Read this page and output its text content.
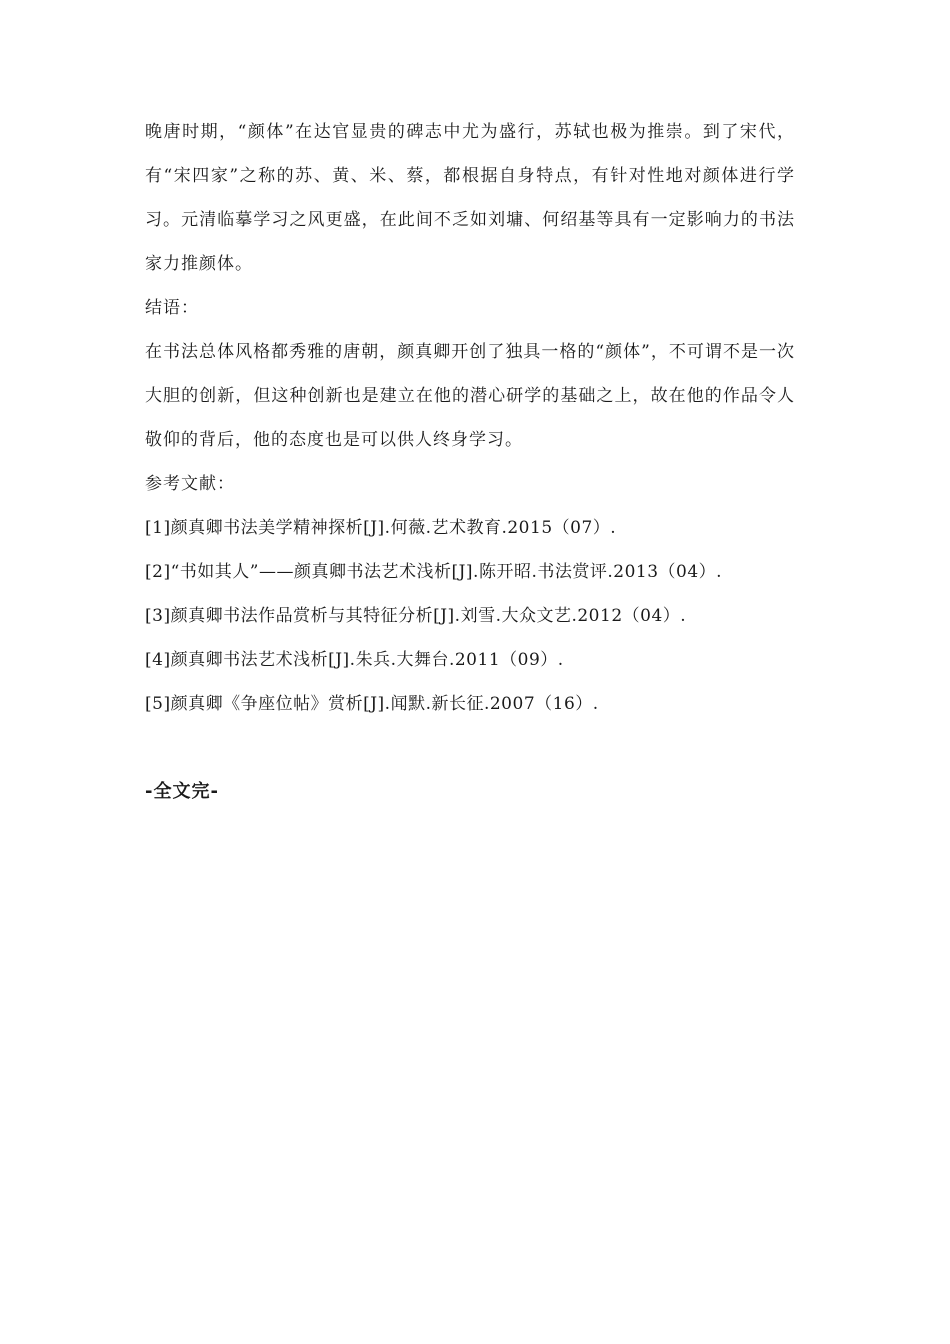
晚唐时期，“颜体”在达官显贵的碑志中尤为盛行，苏轼也极为推崇。到了宋代，有“宋四家”之称的苏、黄、米、蔡，都根据自身特点，有针对性地对颜体进行学习。元清临摹学习之风更盛，在此间不乏如刘墉、何绍基等具有一定影响力的书法家力推颜体。

结语：

在书法总体风格都秀雅的唐朝，颜真卿开创了独具一格的“颜体”，不可谓不是一次大胆的创新，但这种创新也是建立在他的潜心研学的基础之上，故在他的作品令人敬仰的背后，他的态度也是可以供人终身学习。

参考文献：

[1]颜真卿书法美学精神探析[J].何薇.艺术教育.2015（07）.
[2]“书如其人”——颜真卿书法艺术浅析[J].陈开昭.书法赏评.2013（04）.
[3]颜真卿书法作品赏析与其特征分析[J].刘雪.大众文艺.2012（04）.
[4]颜真卿书法艺术浅析[J].朱兵.大舞台.2011（09）.
[5]颜真卿《争座位帖》赏析[J].闻默.新长征.2007（16）.
-全文完-
